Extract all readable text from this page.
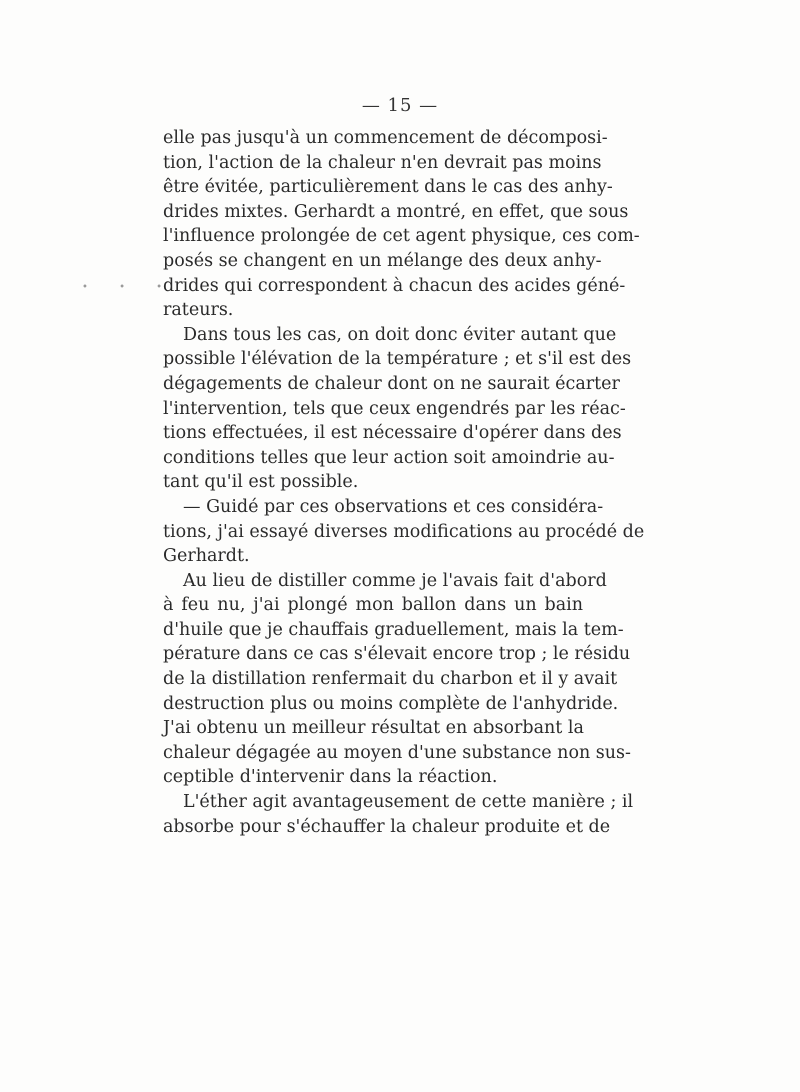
— 15 —
• • •
elle pas jusqu'à un commencement de décomposi-
tion, l'action de la chaleur n'en devrait pas moins
être évitée, particulièrement dans le cas des anhy-
drides mixtes. Gerhardt a montré, en effet, que sous
l'influence prolongée de cet agent physique, ces com-
posés se changent en un mélange des deux anhy-
drides qui correspondent à chacun des acides géné-
rateurs.
Dans tous les cas, on doit donc éviter autant que
possible l'élévation de la température ; et s'il est des
dégagements de chaleur dont on ne saurait écarter
l'intervention, tels que ceux engendrés par les réac-
tions effectuées, il est nécessaire d'opérer dans des
conditions telles que leur action soit amoindrie au-
tant qu'il est possible.
— Guidé par ces observations et ces considéra-
tions, j'ai essayé diverses modifications au procédé de
Gerhardt.
Au lieu de distiller comme je l'avais fait d'abord
à feu nu, j'ai plongé mon ballon dans un bain
d'huile que je chauffais graduellement, mais la tem-
pérature dans ce cas s'élevait encore trop ; le résidu
de la distillation renfermait du charbon et il y avait
destruction plus ou moins complète de l'anhydride.
J'ai obtenu un meilleur résultat en absorbant la
chaleur dégagée au moyen d'une substance non sus-
ceptible d'intervenir dans la réaction.
L'éther agit avantageusement de cette manière ; il
absorbe pour s'échauffer la chaleur produite et de
